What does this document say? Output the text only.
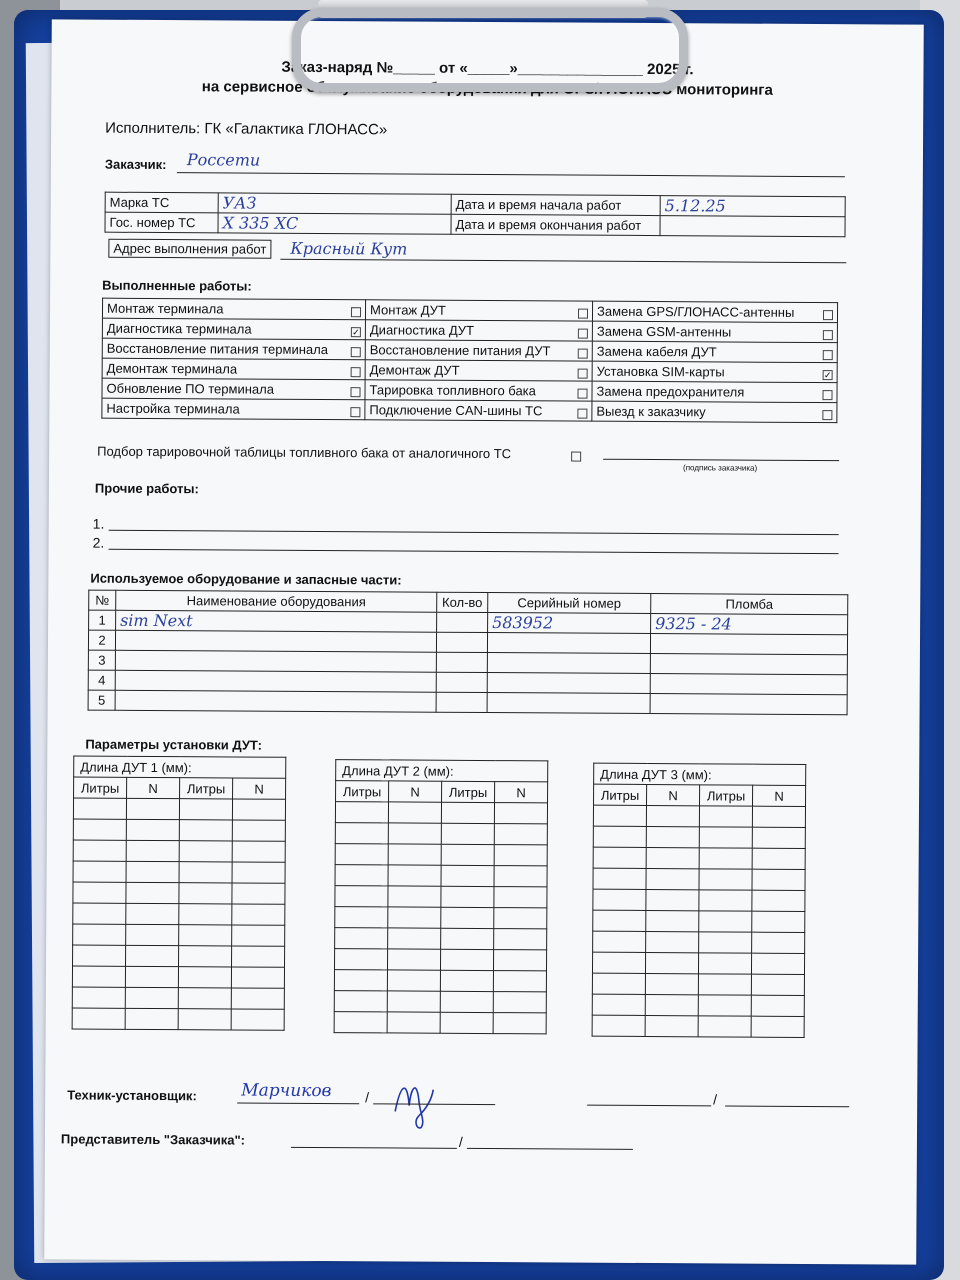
Заказ-наряд №_____ от «_____»_______________ 2025 г.
на сервисное обслуживание оборудования для GPS/ГЛОНАСС мониторинга
Исполнитель: ГК «Галактика ГЛОНАСС»
Заказчик: Россети
Марка ТС	УАЗ	Дата и время начала работ	5.12.25
Гос. номер ТС	Х 335 ХС	Дата и время окончания работ	
Адрес выполнения работ	Красный Кут
Выполненные работы:
Монтаж терминала	Монтаж ДУТ	Замена GPS/ГЛОНАСС-антенны

Диагностика терминала ✓	Диагностика ДУТ	Замена GSM-антенны

Восстановление питания терминала	Восстановление питания ДУТ	Замена кабеля ДУТ

Демонтаж терминала	Демонтаж ДУТ	Установка SIM-карты ✓

Обновление ПО терминала	Тарировка топливного бака	Замена предохранителя

Настройка терминала	Подключение CAN-шины ТС	Выезд к заказчику
Подбор тарировочной таблицы топливного бака от аналогичного ТС
(подпись заказчика)
Прочие работы:
1.
2.
Используемое оборудование и запасные части:
№	Наименование оборудования	Кол-во	Серийный номер	Пломба
1	sim Next		583952	9325 - 24
2				
3				
4				
5				
Параметры установки ДУТ:
Длина ДУТ 1 (мм):			
Литры	N	Литры	N

Длина ДУТ 2 (мм):			
Литры	N	Литры	N

Длина ДУТ 3 (мм):			
Литры	N	Литры	N

Техник-установщик:	Марчиков /	/
Представитель "Заказчика":	/
